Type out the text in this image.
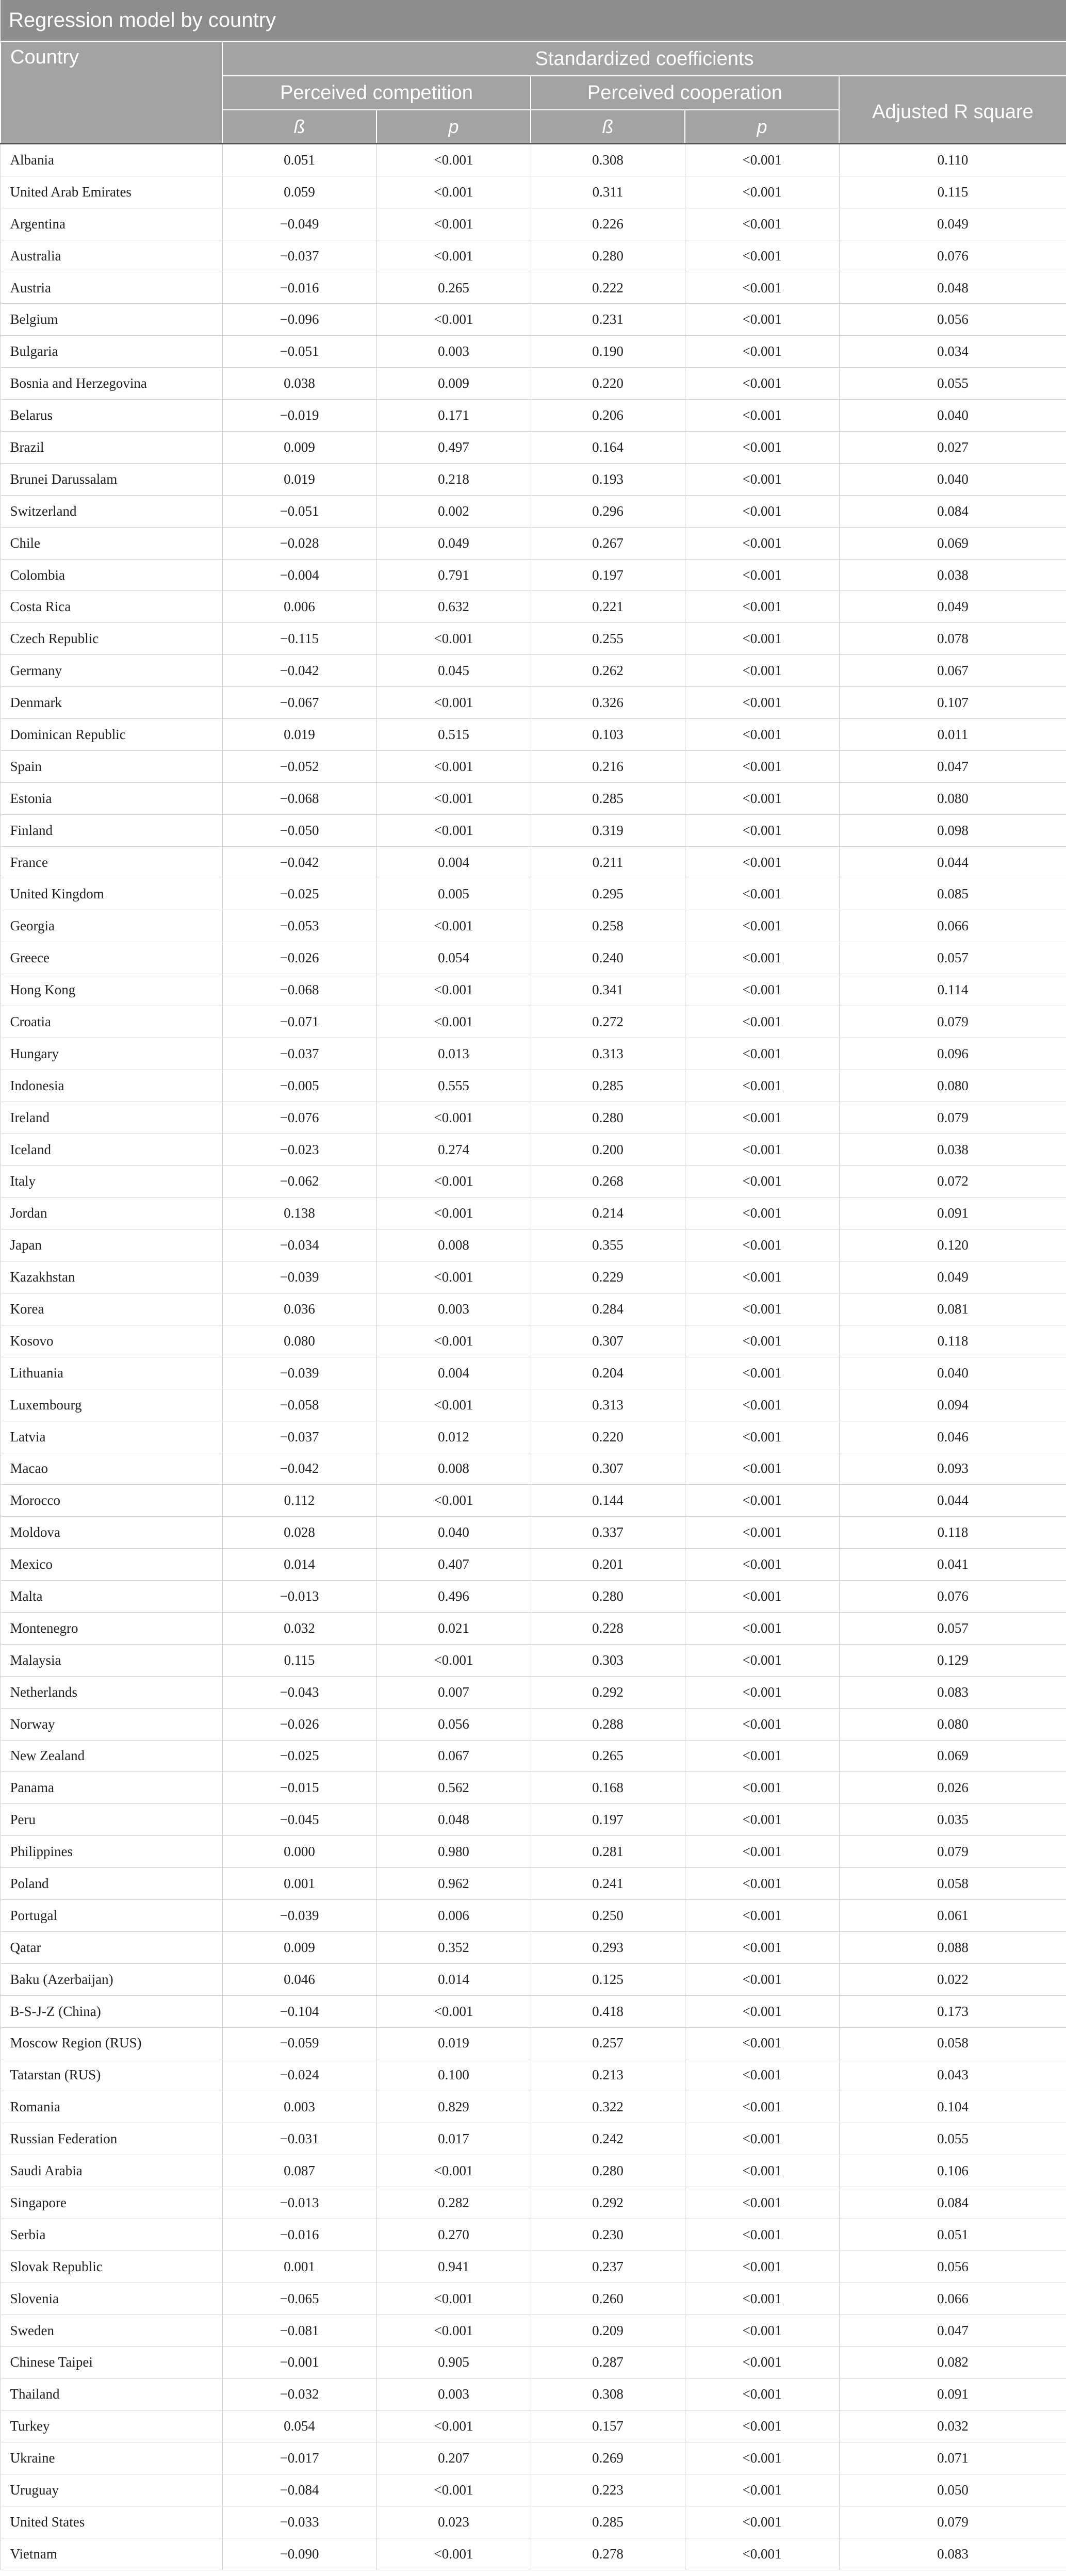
Regression model by country					
Country	Standardized coefficients				
	Perceived competition		Perceived cooperation		Adjusted R square
	ß	p	ß	p	
Albania	0.051	<0.001	0.308	<0.001	0.110
United Arab Emirates	0.059	<0.001	0.311	<0.001	0.115
Argentina	−0.049	<0.001	0.226	<0.001	0.049
Australia	−0.037	<0.001	0.280	<0.001	0.076
Austria	−0.016	0.265	0.222	<0.001	0.048
Belgium	−0.096	<0.001	0.231	<0.001	0.056
Bulgaria	−0.051	0.003	0.190	<0.001	0.034
Bosnia and Herzegovina	0.038	0.009	0.220	<0.001	0.055
Belarus	−0.019	0.171	0.206	<0.001	0.040
Brazil	0.009	0.497	0.164	<0.001	0.027
Brunei Darussalam	0.019	0.218	0.193	<0.001	0.040
Switzerland	−0.051	0.002	0.296	<0.001	0.084
Chile	−0.028	0.049	0.267	<0.001	0.069
Colombia	−0.004	0.791	0.197	<0.001	0.038
Costa Rica	0.006	0.632	0.221	<0.001	0.049
Czech Republic	−0.115	<0.001	0.255	<0.001	0.078
Germany	−0.042	0.045	0.262	<0.001	0.067
Denmark	−0.067	<0.001	0.326	<0.001	0.107
Dominican Republic	0.019	0.515	0.103	<0.001	0.011
Spain	−0.052	<0.001	0.216	<0.001	0.047
Estonia	−0.068	<0.001	0.285	<0.001	0.080
Finland	−0.050	<0.001	0.319	<0.001	0.098
France	−0.042	0.004	0.211	<0.001	0.044
United Kingdom	−0.025	0.005	0.295	<0.001	0.085
Georgia	−0.053	<0.001	0.258	<0.001	0.066
Greece	−0.026	0.054	0.240	<0.001	0.057
Hong Kong	−0.068	<0.001	0.341	<0.001	0.114
Croatia	−0.071	<0.001	0.272	<0.001	0.079
Hungary	−0.037	0.013	0.313	<0.001	0.096
Indonesia	−0.005	0.555	0.285	<0.001	0.080
Ireland	−0.076	<0.001	0.280	<0.001	0.079
Iceland	−0.023	0.274	0.200	<0.001	0.038
Italy	−0.062	<0.001	0.268	<0.001	0.072
Jordan	0.138	<0.001	0.214	<0.001	0.091
Japan	−0.034	0.008	0.355	<0.001	0.120
Kazakhstan	−0.039	<0.001	0.229	<0.001	0.049
Korea	0.036	0.003	0.284	<0.001	0.081
Kosovo	0.080	<0.001	0.307	<0.001	0.118
Lithuania	−0.039	0.004	0.204	<0.001	0.040
Luxembourg	−0.058	<0.001	0.313	<0.001	0.094
Latvia	−0.037	0.012	0.220	<0.001	0.046
Macao	−0.042	0.008	0.307	<0.001	0.093
Morocco	0.112	<0.001	0.144	<0.001	0.044
Moldova	0.028	0.040	0.337	<0.001	0.118
Mexico	0.014	0.407	0.201	<0.001	0.041
Malta	−0.013	0.496	0.280	<0.001	0.076
Montenegro	0.032	0.021	0.228	<0.001	0.057
Malaysia	0.115	<0.001	0.303	<0.001	0.129
Netherlands	−0.043	0.007	0.292	<0.001	0.083
Norway	−0.026	0.056	0.288	<0.001	0.080
New Zealand	−0.025	0.067	0.265	<0.001	0.069
Panama	−0.015	0.562	0.168	<0.001	0.026
Peru	−0.045	0.048	0.197	<0.001	0.035
Philippines	0.000	0.980	0.281	<0.001	0.079
Poland	0.001	0.962	0.241	<0.001	0.058
Portugal	−0.039	0.006	0.250	<0.001	0.061
Qatar	0.009	0.352	0.293	<0.001	0.088
Baku (Azerbaijan)	0.046	0.014	0.125	<0.001	0.022
B-S-J-Z (China)	−0.104	<0.001	0.418	<0.001	0.173
Moscow Region (RUS)	−0.059	0.019	0.257	<0.001	0.058
Tatarstan (RUS)	−0.024	0.100	0.213	<0.001	0.043
Romania	0.003	0.829	0.322	<0.001	0.104
Russian Federation	−0.031	0.017	0.242	<0.001	0.055
Saudi Arabia	0.087	<0.001	0.280	<0.001	0.106
Singapore	−0.013	0.282	0.292	<0.001	0.084
Serbia	−0.016	0.270	0.230	<0.001	0.051
Slovak Republic	0.001	0.941	0.237	<0.001	0.056
Slovenia	−0.065	<0.001	0.260	<0.001	0.066
Sweden	−0.081	<0.001	0.209	<0.001	0.047
Chinese Taipei	−0.001	0.905	0.287	<0.001	0.082
Thailand	−0.032	0.003	0.308	<0.001	0.091
Turkey	0.054	<0.001	0.157	<0.001	0.032
Ukraine	−0.017	0.207	0.269	<0.001	0.071
Uruguay	−0.084	<0.001	0.223	<0.001	0.050
United States	−0.033	0.023	0.285	<0.001	0.079
Vietnam	−0.090	<0.001	0.278	<0.001	0.083
